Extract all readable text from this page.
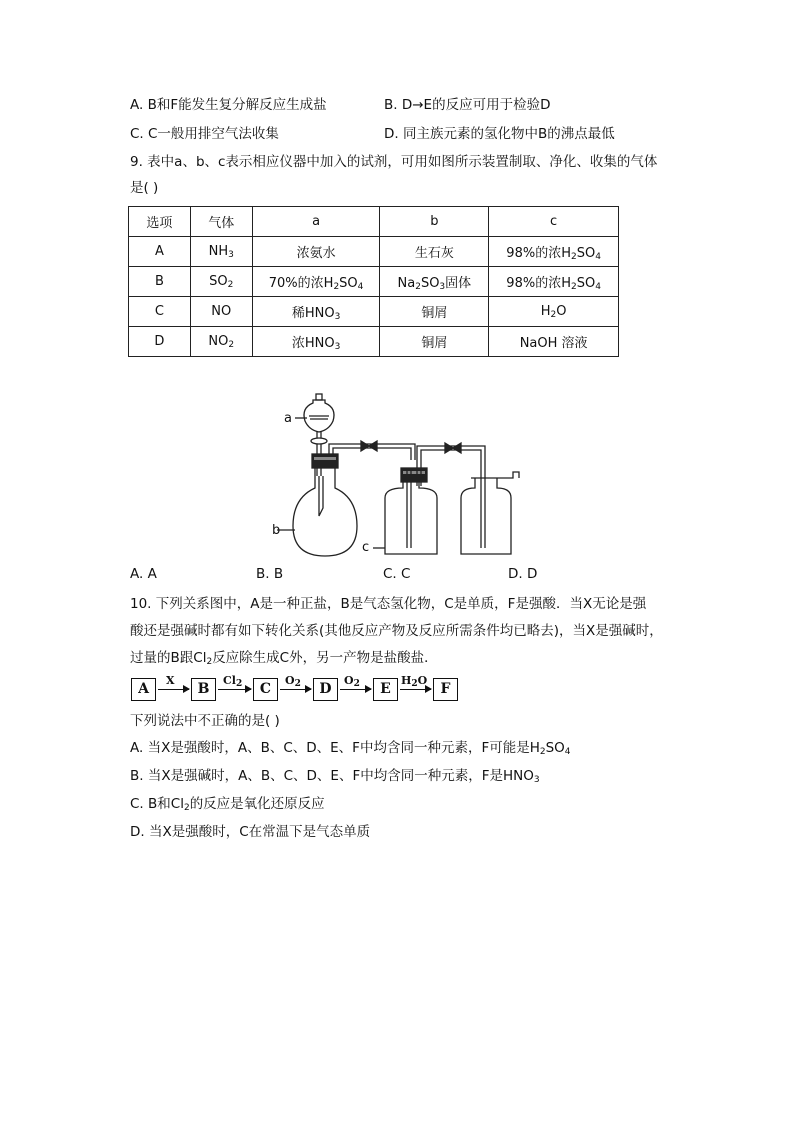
A. B和F能发生复分解反应生成盐	B. D→E的反应可用于检验D
C. C一般用排空气法收集	D. 同主族元素的氢化物中B的沸点最低
9. 表中a、b、c表示相应仪器中加入的试剂，可用如图所示装置制取、净化、收集的气体
是( )
选项	气体	a	b	c
A	$NH_3$	浓氨水	生石灰	98%的浓$H_2SO_4$
B	$SO_2$	70%的浓$H_2SO_4$	$Na_2SO_3$固体	98%的浓$H_2SO_4$
C	NO	稀$HNO_3$	铜屑	$H_2O$
D	$NO_2$	浓$HNO_3$	铜屑	NaOH 溶液
a
b
c
A. A	B. B	C. C	D. D
10. 下列关系图中，A是一种正盐，B是气态氢化物，C是单质，F是强酸．当X无论是强
酸还是强碱时都有如下转化关系(其他反应产物及反应所需条件均已略去)，当X是强碱时，
过量的B跟$Cl_2$反应除生成C外，另一产物是盐酸盐．
A
X
B
$Cl_2$	C
$O_2$	D
$O_2$	E
$H_2O$
F
下列说法中不正确的是( )
A. 当X是强酸时，A、B、C、D、E、F中均含同一种元素，F可能是$H_2SO_4$
B. 当X是强碱时，A、B、C、D、E、F中均含同一种元素，F是$HNO_3$
C. B和$Cl_2$的反应是氧化还原反应
D. 当X是强酸时，C在常温下是气态单质
